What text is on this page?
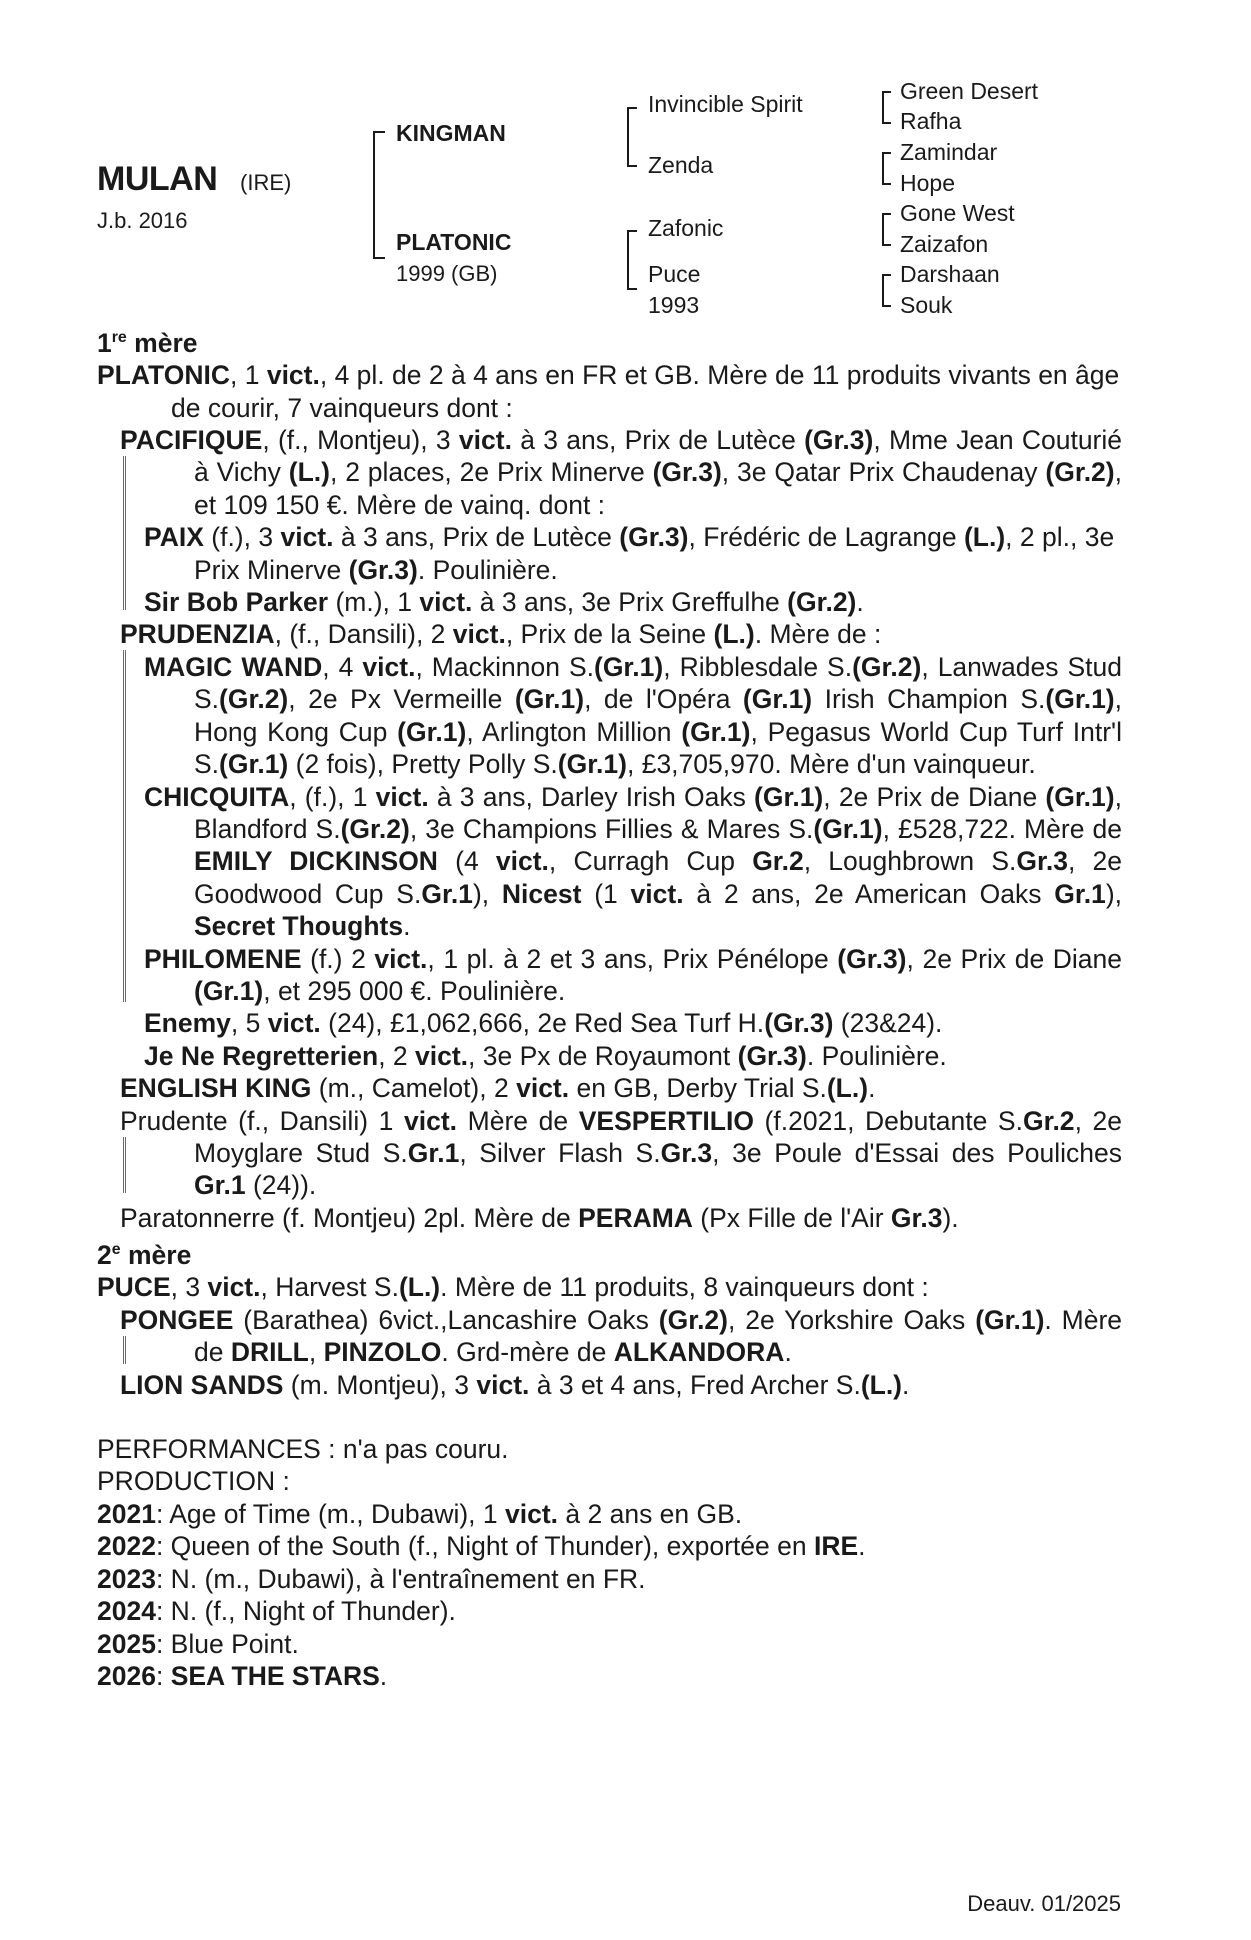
MULAN (IRE)
J.b. 2016
KINGMAN
PLATONIC
1999 (GB)
Invincible Spirit
Zenda
Zafonic
Puce
1993
Green Desert
Rafha
Zamindar
Hope
Gone West
Zaizafon
Darshaan
Souk

1re mère

PLATONIC, 1 vict., 4 pl. de 2 à 4 ans en FR et GB. Mère de 11 produits vivants en âge de courir, 7 vainqueurs dont :

PACIFIQUE, (f., Montjeu), 3 vict. à 3 ans, Prix de Lutèce (Gr.3), Mme Jean Couturié à Vichy (L.), 2 places, 2e Prix Minerve (Gr.3), 3e Qatar Prix Chaudenay (Gr.2), et 109 150 €. Mère de vainq. dont :

PAIX (f.), 3 vict. à 3 ans, Prix de Lutèce (Gr.3), Frédéric de Lagrange (L.), 2 pl., 3e Prix Minerve (Gr.3). Poulinière.

Sir Bob Parker (m.), 1 vict. à 3 ans, 3e Prix Greffulhe (Gr.2).

PRUDENZIA, (f., Dansili), 2 vict., Prix de la Seine (L.). Mère de :

MAGIC WAND, 4 vict., Mackinnon S.(Gr.1), Ribblesdale S.(Gr.2), Lanwades Stud S.(Gr.2), 2e Px Vermeille (Gr.1), de l'Opéra (Gr.1) Irish Champion S.(Gr.1), Hong Kong Cup (Gr.1), Arlington Million (Gr.1), Pegasus World Cup Turf Intr'l S.(Gr.1) (2 fois), Pretty Polly S.(Gr.1), £3,705,970. Mère d'un vainqueur.

CHICQUITA, (f.), 1 vict. à 3 ans, Darley Irish Oaks (Gr.1), 2e Prix de Diane (Gr.1), Blandford S.(Gr.2), 3e Champions Fillies & Mares S.(Gr.1), £528,722. Mère de EMILY DICKINSON (4 vict., Curragh Cup Gr.2, Loughbrown S.Gr.3, 2e Goodwood Cup S.Gr.1), Nicest (1 vict. à 2 ans, 2e American Oaks Gr.1), Secret Thoughts.

PHILOMENE (f.) 2 vict., 1 pl. à 2 et 3 ans, Prix Pénélope (Gr.3), 2e Prix de Diane (Gr.1), et 295 000 €. Poulinière.

Enemy, 5 vict. (24), £1,062,666, 2e Red Sea Turf H.(Gr.3) (23&24).

Je Ne Regretterien, 2 vict., 3e Px de Royaumont (Gr.3). Poulinière.

ENGLISH KING (m., Camelot), 2 vict. en GB, Derby Trial S.(L.).

Prudente (f., Dansili) 1 vict. Mère de VESPERTILIO (f.2021, Debutante S.Gr.2, 2e Moyglare Stud S.Gr.1, Silver Flash S.Gr.3, 3e Poule d'Essai des Pouliches Gr.1 (24)).

Paratonnerre (f. Montjeu) 2pl. Mère de PERAMA (Px Fille de l'Air Gr.3).

2e mère

PUCE, 3 vict., Harvest S.(L.). Mère de 11 produits, 8 vainqueurs dont :

PONGEE (Barathea) 6vict.,Lancashire Oaks (Gr.2), 2e Yorkshire Oaks (Gr.1). Mère de DRILL, PINZOLO. Grd-mère de ALKANDORA.

LION SANDS (m. Montjeu), 3 vict. à 3 et 4 ans, Fred Archer S.(L.).

PERFORMANCES : n'a pas couru.

PRODUCTION :

2021: Age of Time (m., Dubawi), 1 vict. à 2 ans en GB.

2022: Queen of the South (f., Night of Thunder), exportée en IRE.

2023: N. (m., Dubawi), à l'entraînement en FR.

2024: N. (f., Night of Thunder).

2025: Blue Point.

2026: SEA THE STARS.

Deauv. 01/2025
